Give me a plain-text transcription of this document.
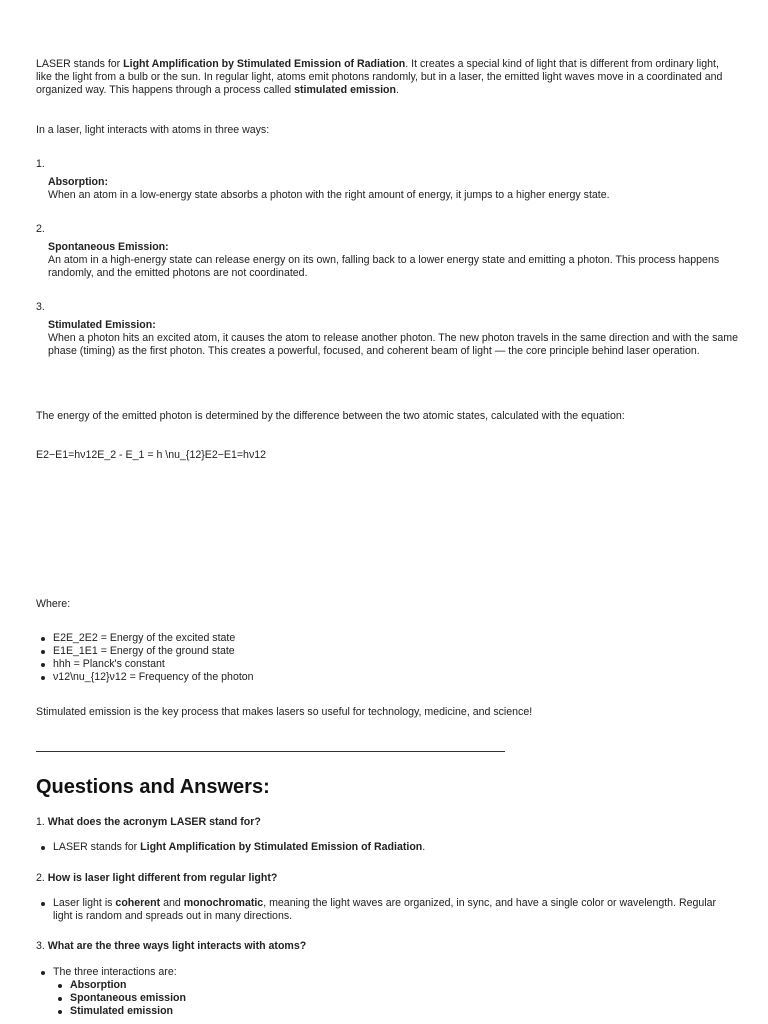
LASER stands for Light Amplification by Stimulated Emission of Radiation. It creates a special kind of light that is different from ordinary light, like the light from a bulb or the sun. In regular light, atoms emit photons randomly, but in a laser, the emitted light waves move in a coordinated and organized way. This happens through a process called stimulated emission.

In a laser, light interacts with atoms in three ways:

1.
Absorption:
When an atom in a low-energy state absorbs a photon with the right amount of energy, it jumps to a higher energy state.
2.
Spontaneous Emission:
An atom in a high-energy state can release energy on its own, falling back to a lower energy state and emitting a photon. This process happens randomly, and the emitted photons are not coordinated.
3.
Stimulated Emission:
When a photon hits an excited atom, it causes the atom to release another photon. The new photon travels in the same direction and with the same phase (timing) as the first photon. This creates a powerful, focused, and coherent beam of light — the core principle behind laser operation.

The energy of the emitted photon is determined by the difference between the two atomic states, calculated with the equation:

E2−E1=hν12E_2 - E_1 = h \nu_{12}E2−E1=hν12

Where:

E2E_2E2 = Energy of the excited state
E1E_1E1 = Energy of the ground state
hhh = Planck's constant
ν12\nu_{12}ν12 = Frequency of the photon

Stimulated emission is the key process that makes lasers so useful for technology, medicine, and science!

Questions and Answers:

1. What does the acronym LASER stand for?

LASER stands for Light Amplification by Stimulated Emission of Radiation.

2. How is laser light different from regular light?

Laser light is coherent and monochromatic, meaning the light waves are organized, in sync, and have a single color or wavelength. Regular light is random and spreads out in many directions.

3. What are the three ways light interacts with atoms?

The three interactions are:
Absorption
Spontaneous emission
Stimulated emission
